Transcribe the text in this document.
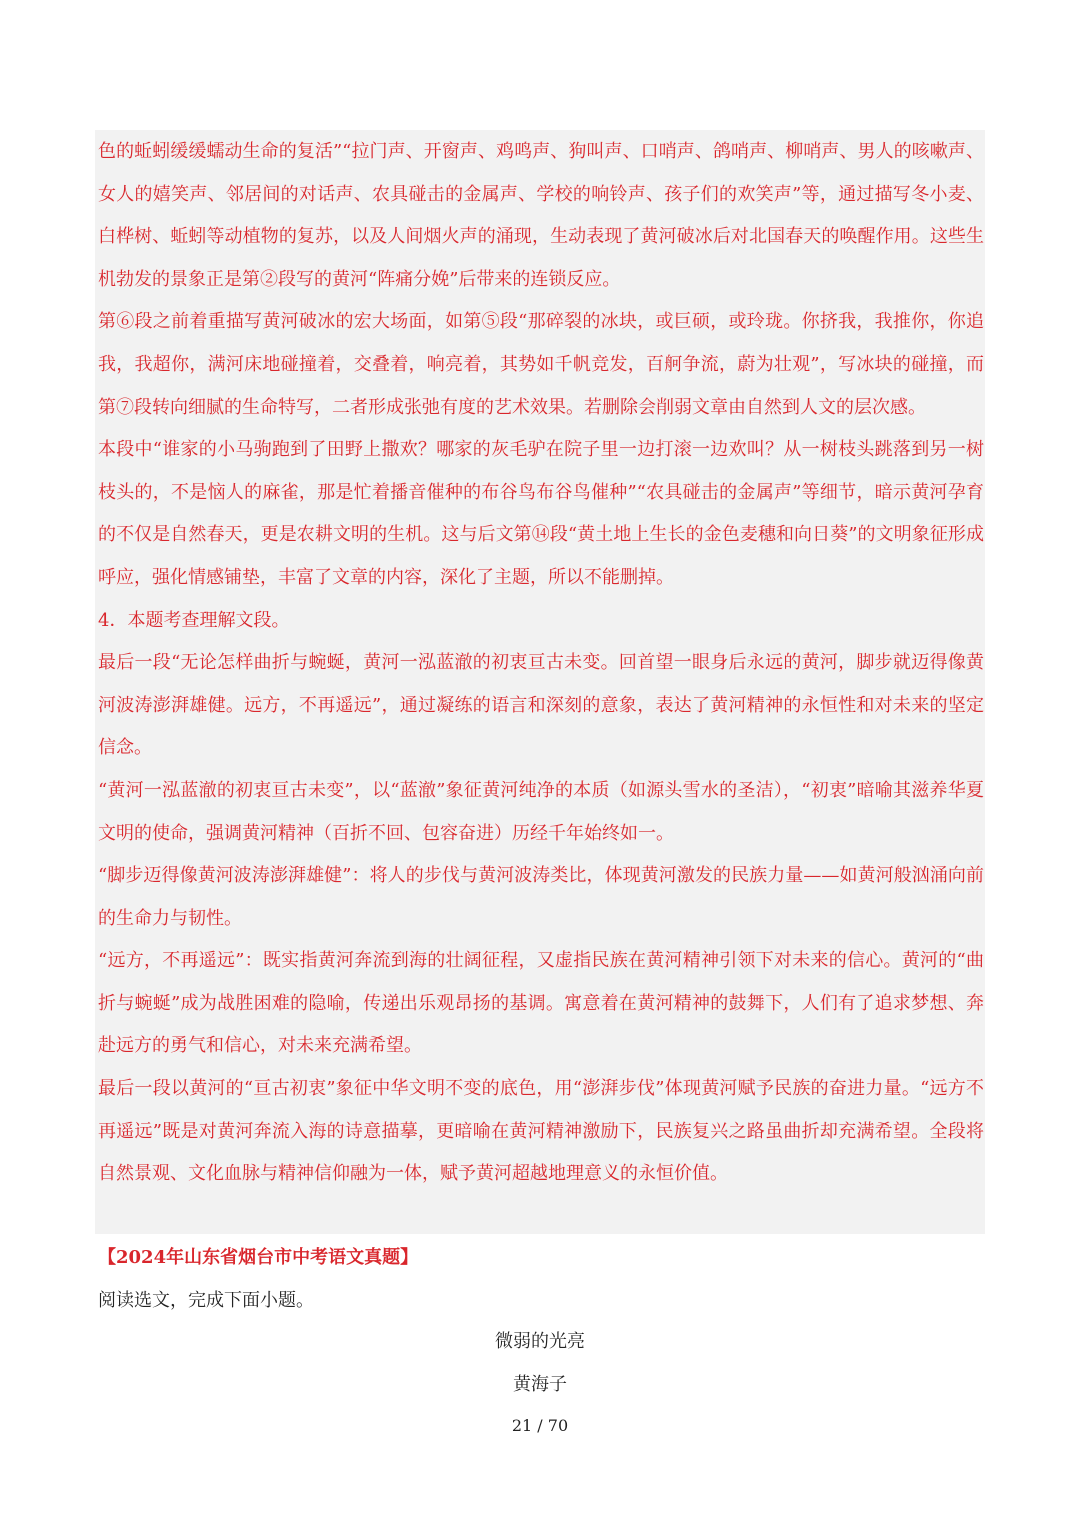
色的蚯蚓缓缓蠕动生命的复活”“拉门声、开窗声、鸡鸣声、狗叫声、口哨声、鸽哨声、柳哨声、男人的咳嗽声、女人的嬉笑声、邻居间的对话声、农具碰击的金属声、学校的响铃声、孩子们的欢笑声”等，通过描写冬小麦、白桦树、蚯蚓等动植物的复苏，以及人间烟火声的涌现，生动表现了黄河破冰后对北国春天的唤醒作用。这些生机勃发的景象正是第②段写的黄河“阵痛分娩”后带来的连锁反应。

第⑥段之前着重描写黄河破冰的宏大场面，如第⑤段“那碎裂的冰块，或巨硕，或玲珑。你挤我，我推你，你追我，我超你，满河床地碰撞着，交叠着，响亮着，其势如千帆竞发，百舸争流，蔚为壮观”，写冰块的碰撞，而第⑦段转向细腻的生命特写，二者形成张弛有度的艺术效果。若删除会削弱文章由自然到人文的层次感。

本段中“谁家的小马驹跑到了田野上撒欢？哪家的灰毛驴在院子里一边打滚一边欢叫？从一树枝头跳落到另一树枝头的，不是恼人的麻雀，那是忙着播音催种的布谷鸟布谷鸟催种”“农具碰击的金属声”等细节，暗示黄河孕育的不仅是自然春天，更是农耕文明的生机。这与后文第⑭段“黄土地上生长的金色麦穗和向日葵”的文明象征形成呼应，强化情感铺垫，丰富了文章的内容，深化了主题，所以不能删掉。

4．本题考查理解文段。

最后一段“无论怎样曲折与蜿蜒，黄河一泓蓝澈的初衷亘古未变。回首望一眼身后永远的黄河，脚步就迈得像黄河波涛澎湃雄健。远方，不再遥远”，通过凝练的语言和深刻的意象，表达了黄河精神的永恒性和对未来的坚定信念。

“黄河一泓蓝澈的初衷亘古未变”，以“蓝澈”象征黄河纯净的本质（如源头雪水的圣洁），“初衷”暗喻其滋养华夏文明的使命，强调黄河精神（百折不回、包容奋进）历经千年始终如一。

“脚步迈得像黄河波涛澎湃雄健”：将人的步伐与黄河波涛类比，体现黄河激发的民族力量——如黄河般汹涌向前的生命力与韧性。

“远方，不再遥远”：既实指黄河奔流到海的壮阔征程，又虚指民族在黄河精神引领下对未来的信心。黄河的“曲折与蜿蜒”成为战胜困难的隐喻，传递出乐观昂扬的基调。寓意着在黄河精神的鼓舞下，人们有了追求梦想、奔赴远方的勇气和信心，对未来充满希望。

最后一段以黄河的“亘古初衷”象征中华文明不变的底色，用“澎湃步伐”体现黄河赋予民族的奋进力量。“远方不再遥远”既是对黄河奔流入海的诗意描摹，更暗喻在黄河精神激励下，民族复兴之路虽曲折却充满希望。全段将自然景观、文化血脉与精神信仰融为一体，赋予黄河超越地理意义的永恒价值。

【2024年山东省烟台市中考语文真题】

阅读选文，完成下面小题。

微弱的光亮

黄海子

21 / 70
